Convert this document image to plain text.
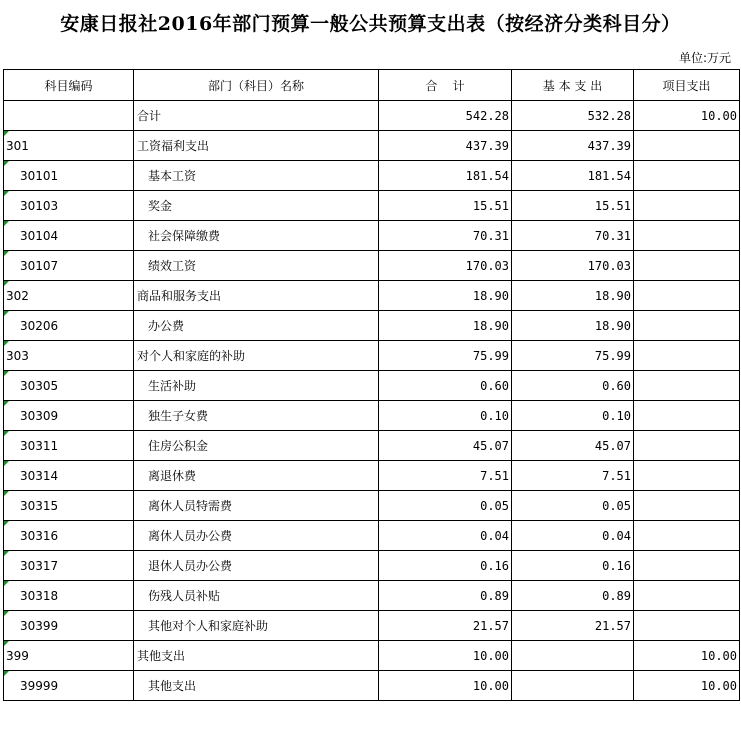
安康日报社2016年部门预算一般公共预算支出表（按经济分类科目分）
单位:万元
科目编码	部门（科目）名称	合    计	基 本 支 出	项目支出
	合计	542.28	532.28	10.00

301	工资福利支出	437.39	437.39	

30101	基本工资	181.54	181.54	

30103	奖金	15.51	15.51	

30104	社会保障缴费	70.31	70.31	

30107	绩效工资	170.03	170.03	

302	商品和服务支出	18.90	18.90	

30206	办公费	18.90	18.90	

303	对个人和家庭的补助	75.99	75.99	

30305	生活补助	0.60	0.60	

30309	独生子女费	0.10	0.10	

30311	住房公积金	45.07	45.07	

30314	离退休费	7.51	7.51	

30315	离休人员特需费	0.05	0.05	

30316	离休人员办公费	0.04	0.04	

30317	退休人员办公费	0.16	0.16	

30318	伤残人员补贴	0.89	0.89	

30399	其他对个人和家庭补助	21.57	21.57	

399	其他支出	10.00		10.00

39999	其他支出	10.00		10.00
